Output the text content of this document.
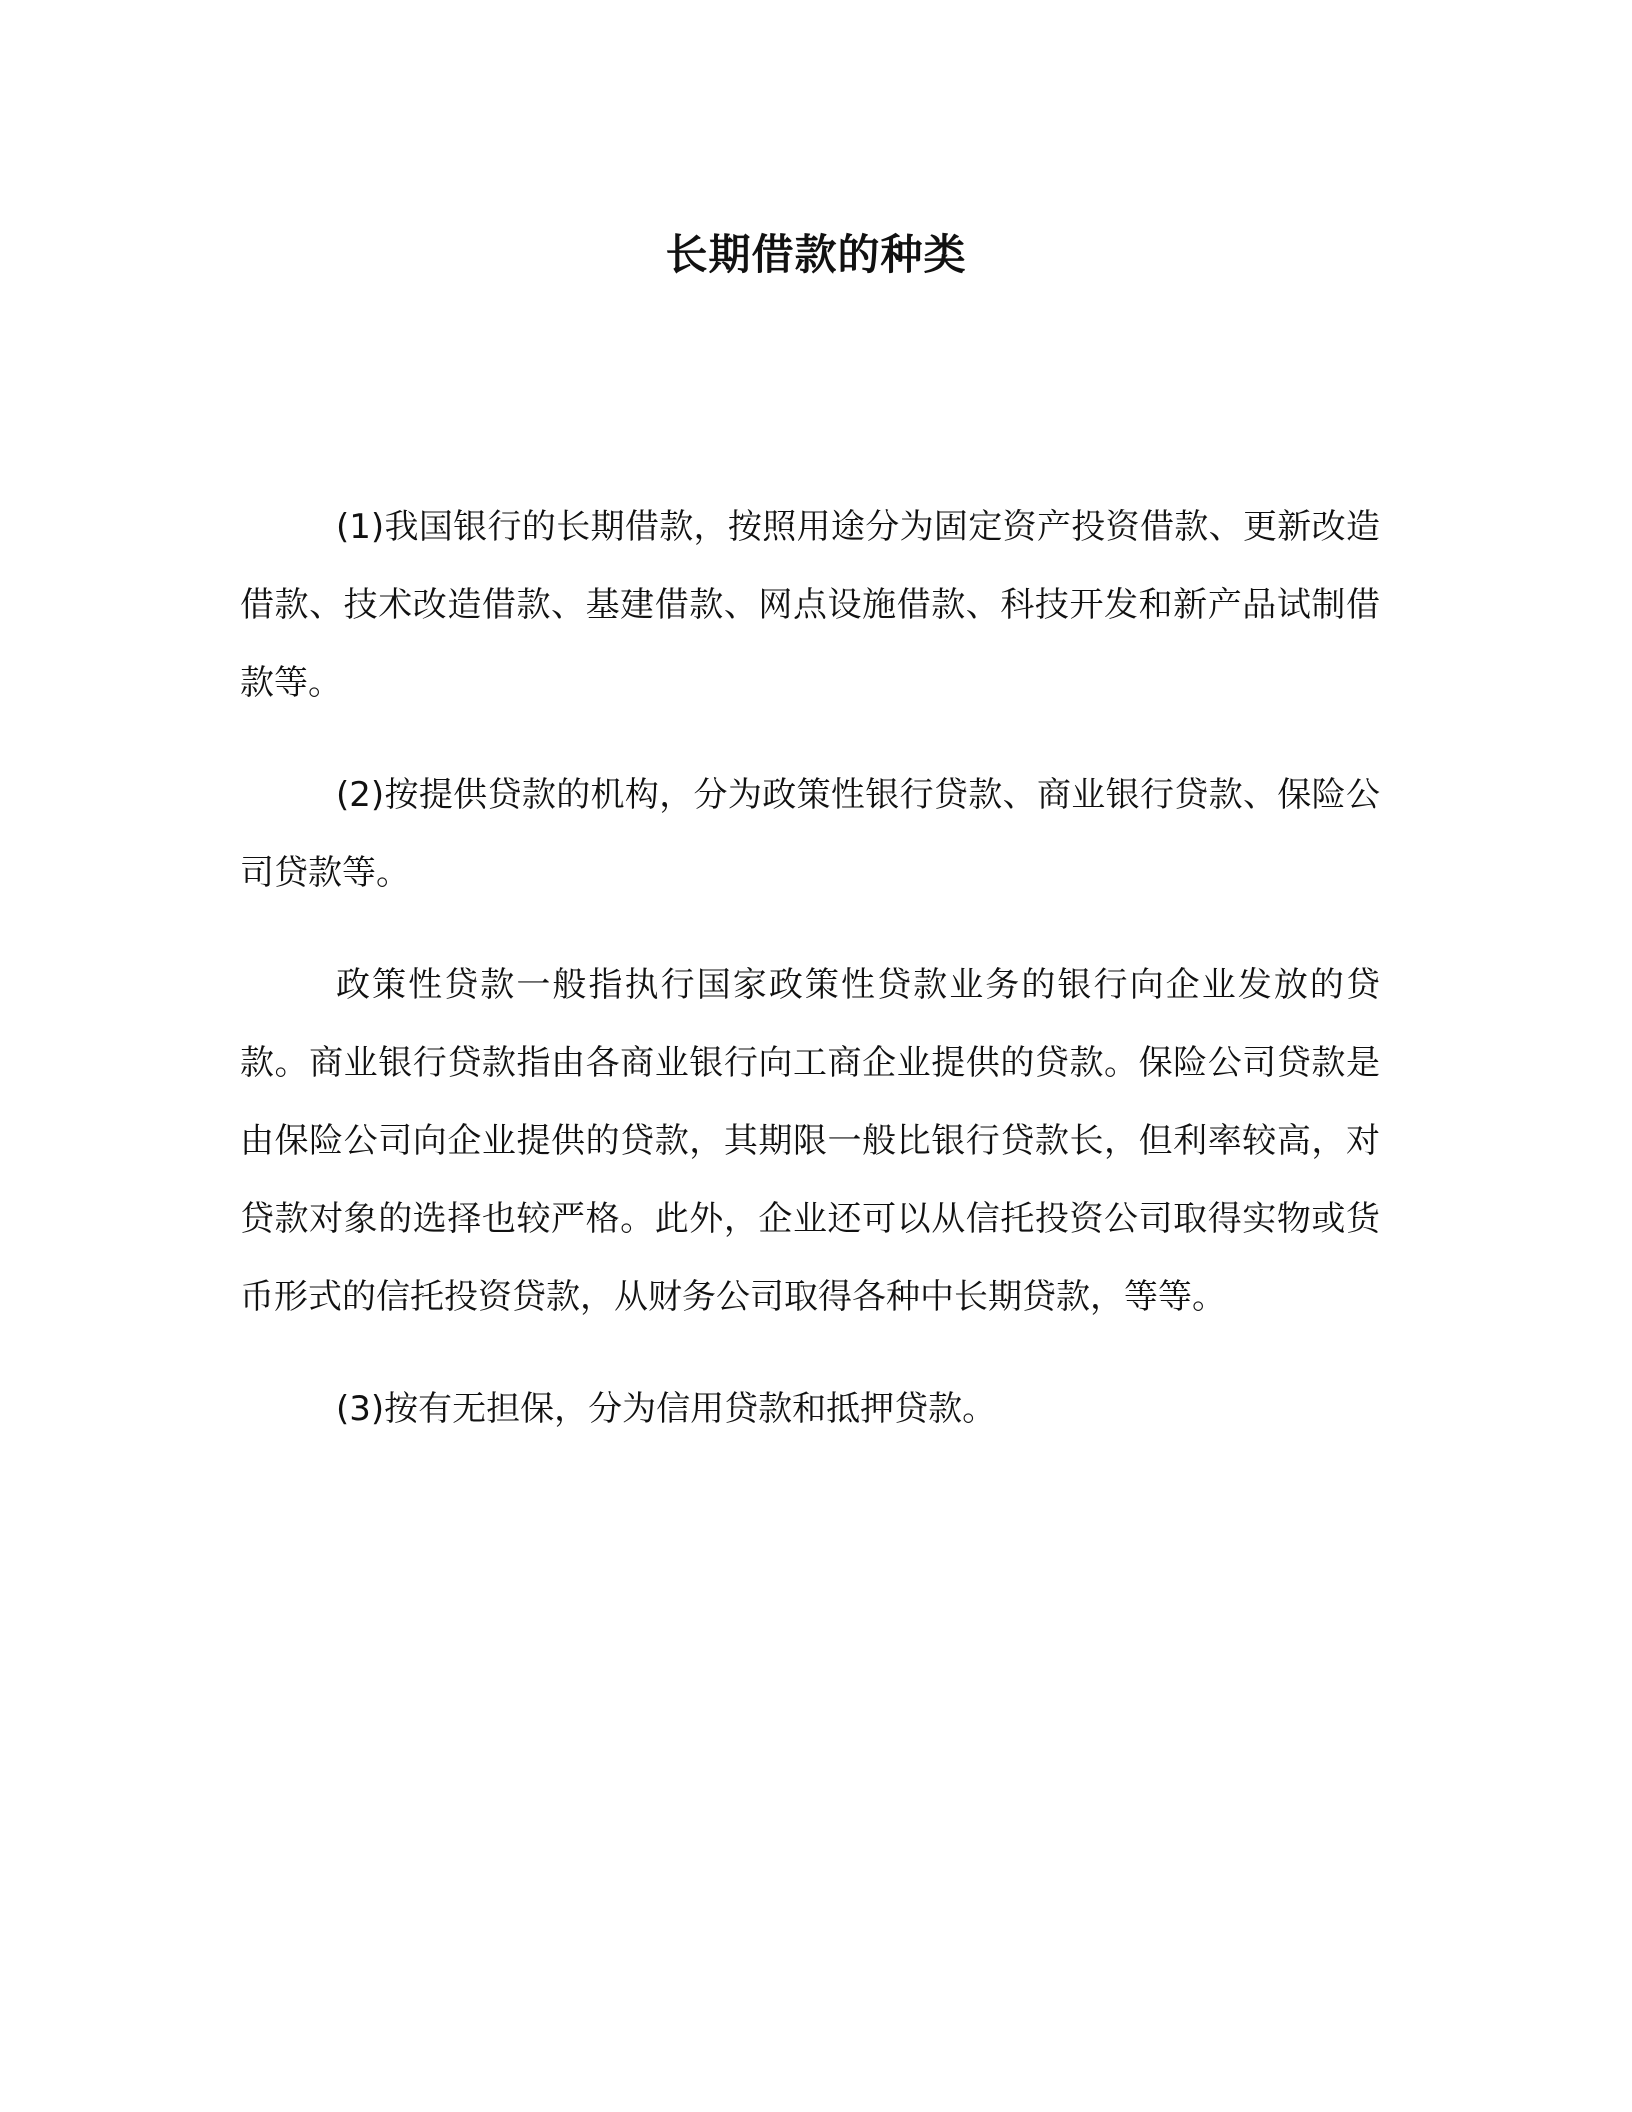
长期借款的种类

(1)我国银行的长期借款，按照用途分为固定资产投资借款、更新改造借款、技术改造借款、基建借款、网点设施借款、科技开发和新产品试制借款等。

(2)按提供贷款的机构，分为政策性银行贷款、商业银行贷款、保险公司贷款等。

政策性贷款一般指执行国家政策性贷款业务的银行向企业发放的贷款。商业银行贷款指由各商业银行向工商企业提供的贷款。保险公司贷款是由保险公司向企业提供的贷款，其期限一般比银行贷款长，但利率较高，对贷款对象的选择也较严格。此外，企业还可以从信托投资公司取得实物或货币形式的信托投资贷款，从财务公司取得各种中长期贷款，等等。

(3)按有无担保，分为信用贷款和抵押贷款。
